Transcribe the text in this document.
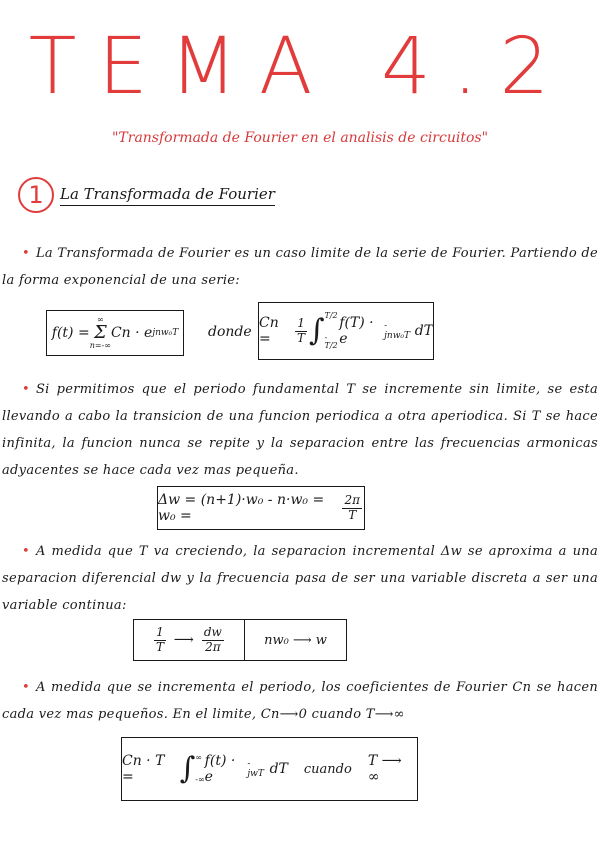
TEMA 4.2
"Transformada de Fourier en el analisis de circuitos"
1	La Transformada de Fourier
• La Transformada de Fourier es un caso limite de la serie de Fourier. Partiendo de la forma exponencial de una serie:
f(t) =
∞
Σ
n=-∞
Cn · e jnw₀T donde
Cn =	$\frac{1}{T}$ ∫ T/2
-T/2
f(T) · e
-jnw₀T dT
• Si permitimos que el periodo fundamental T se incremente sin limite, se esta llevando a cabo la transicion de una funcion periodica a otra aperiodica. Si T se hace infinita, la funcion nunca se repite y la separacion entre las frecuencias armonicas adyacentes se hace cada vez mas pequeña.
Δw = (n+1)·w₀ - n·w₀ = w₀ =	$\frac{2\pi}{T}$
• A medida que T va creciendo, la separacion incremental Δw se aproxima a una separacion diferencial dw y la frecuencia pasa de ser una variable discreta a ser una variable continua:
$\frac{1}{T}$ ⟶ $\frac{dw}{2\pi}$	nw₀ ⟶ w
• A medida que se incrementa el periodo, los coeficientes de Fourier Cn se hacen cada vez mas pequeños. En el limite, Cn⟶0 cuando T⟶∞
Cn · T =	∫ ∞
-∞
f(t) · e
-jwT dT cuando T ⟶ ∞
